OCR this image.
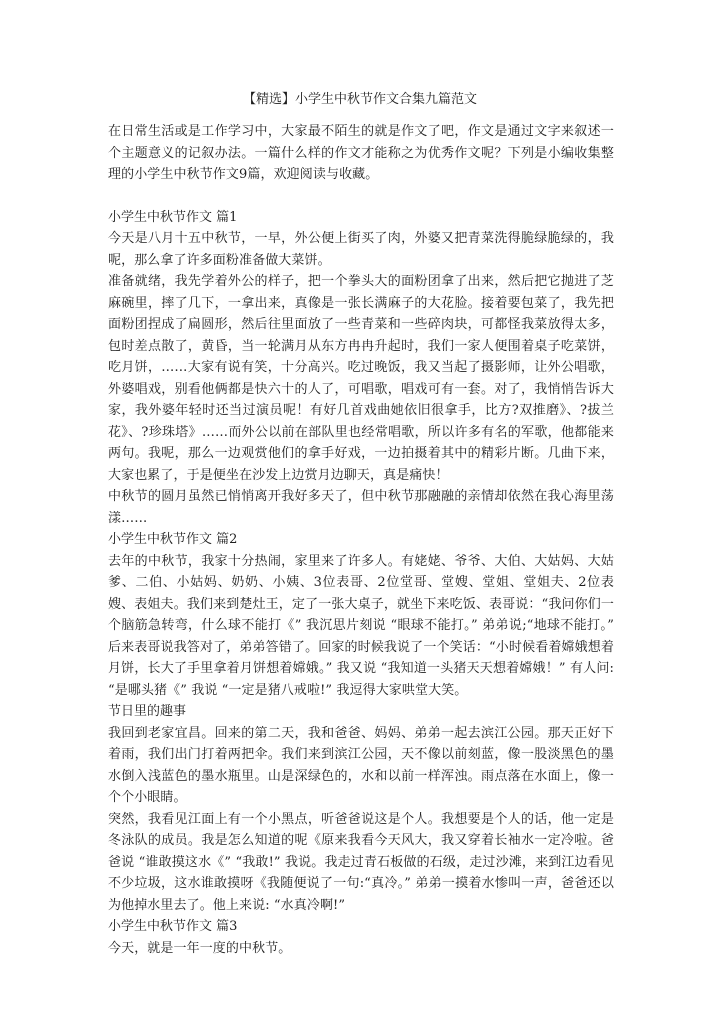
【精选】小学生中秋节作文合集九篇范文

在日常生活或是工作学习中，大家最不陌生的就是作文了吧，作文是通过文字来叙述一个主题意义的记叙办法。一篇什么样的作文才能称之为优秀作文呢？下列是小编收集整理的小学生中秋节作文9篇，欢迎阅读与收藏。

小学生中秋节作文 篇1

今天是八月十五中秋节，一早，外公便上街买了肉，外婆又把青菜洗得脆绿脆绿的，我呢，那么拿了许多面粉准备做大菜饼。

准备就绪，我先学着外公的样子，把一个拳头大的面粉团拿了出来，然后把它抛进了芝麻碗里，摔了几下，一拿出来，真像是一张长满麻子的大花脸。接着要包菜了，我先把面粉团捏成了扁圆形，然后往里面放了一些青菜和一些碎肉块，可都怪我菜放得太多，包时差点散了，黄昏，当一轮满月从东方冉冉升起时，我们一家人便围着桌子吃菜饼，吃月饼，……大家有说有笑，十分高兴。吃过晚饭，我又当起了摄影师，让外公唱歌，外婆唱戏，别看他俩都是快六十的人了，可唱歌，唱戏可有一套。对了，我悄悄告诉大家，我外婆年轻时还当过演员呢！有好几首戏曲她依旧很拿手，比方?双推磨》、?拔兰花》、?珍珠塔》……而外公以前在部队里也经常唱歌，所以许多有名的军歌，他都能来两句。我呢，那么一边观赏他们的拿手好戏，一边拍摄着其中的精彩片断。几曲下来，大家也累了，于是便坐在沙发上边赏月边聊天，真是痛快！

中秋节的圆月虽然已悄悄离开我好多天了，但中秋节那融融的亲情却依然在我心海里荡漾……

小学生中秋节作文 篇2

去年的中秋节，我家十分热闹，家里来了许多人。有姥姥、爷爷、大伯、大姑妈、大姑爹、二伯、小姑妈、奶奶、小姨、3位表哥、2位堂哥、堂嫂、堂姐、堂姐夫、2位表嫂、表姐夫。我们来到楚灶王，定了一张大桌子，就坐下来吃饭、表哥说：“我问你们一个脑筋急转弯，什么球不能打《” 我沉思片刻说 “眼球不能打。” 弟弟说;“地球不能打。” 后来表哥说我答对了，弟弟答错了。回家的时候我说了一个笑话：“小时候看着嫦娥想着月饼，长大了手里拿着月饼想着嫦娥。” 我又说 “我知道一头猪天天想着嫦娥！” 有人问: “是哪头猪《” 我说 “一定是猪八戒啦!” 我逗得大家哄堂大笑。

节日里的趣事

我回到老家宜昌。回来的第二天，我和爸爸、妈妈、弟弟一起去滨江公园。那天正好下着雨，我们出门打着两把伞。我们来到滨江公园，天不像以前刻蓝，像一股淡黑色的墨水倒入浅蓝色的墨水瓶里。山是深绿色的，水和以前一样浑浊。雨点落在水面上，像一个个小眼睛。

突然，我看见江面上有一个小黑点，听爸爸说这是个人。我想要是个人的话，他一定是冬泳队的成员。我是怎么知道的呢《原来我看今天风大，我又穿着长袖水一定冷啦。爸爸说 “谁敢摸这水《” “我敢!” 我说。我走过青石板做的石级，走过沙滩，来到江边看见不少垃圾，这水谁敢摸呀《我随便说了一句:“真冷。” 弟弟一摸着水惨叫一声，爸爸还以为他掉水里去了。他上来说: “水真冷啊!”

小学生中秋节作文 篇3

今天，就是一年一度的中秋节。
